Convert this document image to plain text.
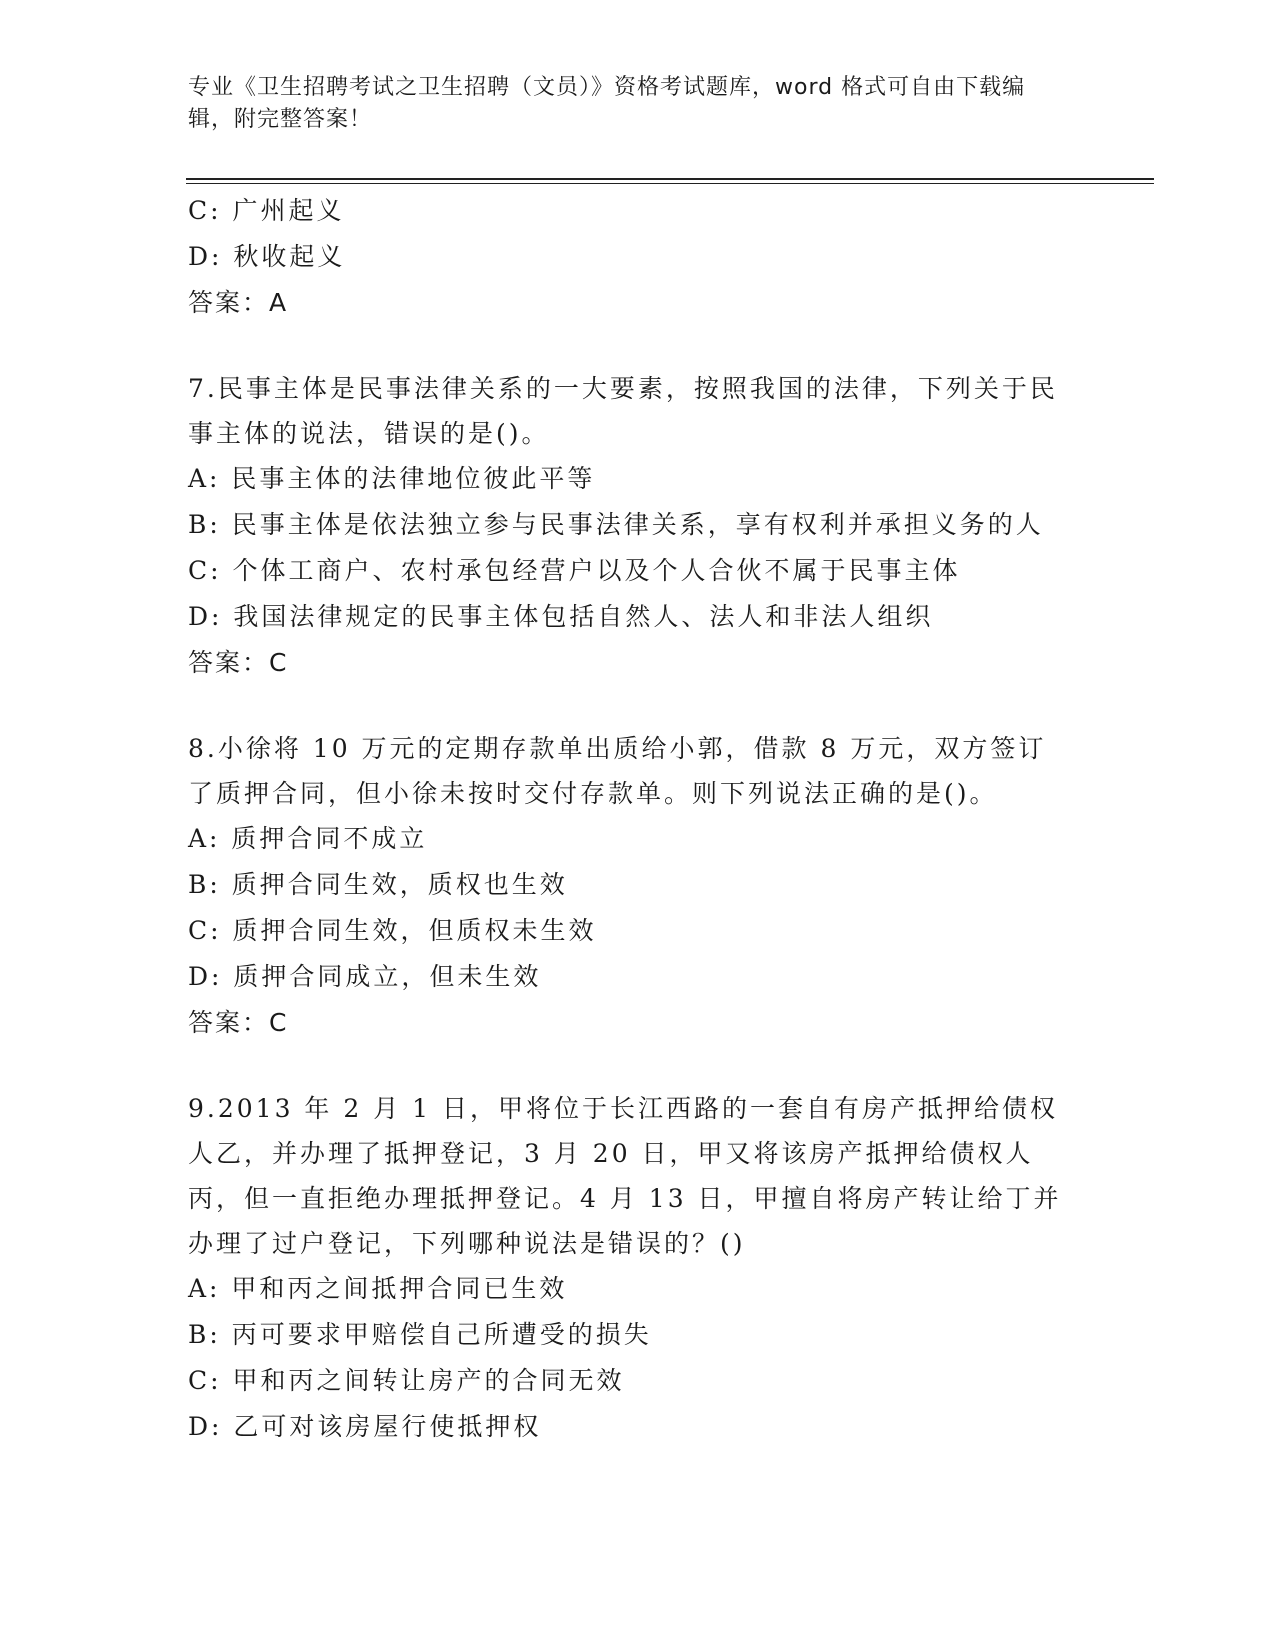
专业《卫生招聘考试之卫生招聘（文员）》资格考试题库，word 格式可自由下载编辑，附完整答案！
C: 广州起义
D: 秋收起义
答案：A
7.民事主体是民事法律关系的一大要素，按照我国的法律，下列关于民事主体的说法，错误的是()。
A: 民事主体的法律地位彼此平等
B: 民事主体是依法独立参与民事法律关系，享有权利并承担义务的人
C: 个体工商户、农村承包经营户以及个人合伙不属于民事主体
D: 我国法律规定的民事主体包括自然人、法人和非法人组织
答案：C
8.小徐将 10 万元的定期存款单出质给小郭，借款 8 万元，双方签订了质押合同，但小徐未按时交付存款单。则下列说法正确的是()。
A: 质押合同不成立
B: 质押合同生效，质权也生效
C: 质押合同生效，但质权未生效
D: 质押合同成立，但未生效
答案：C
9.2013 年 2 月 1 日，甲将位于长江西路的一套自有房产抵押给债权人乙，并办理了抵押登记，3 月 20 日，甲又将该房产抵押给债权人丙，但一直拒绝办理抵押登记。4 月 13 日，甲擅自将房产转让给丁并办理了过户登记，下列哪种说法是错误的？()
A: 甲和丙之间抵押合同已生效
B: 丙可要求甲赔偿自己所遭受的损失
C: 甲和丙之间转让房产的合同无效
D: 乙可对该房屋行使抵押权
